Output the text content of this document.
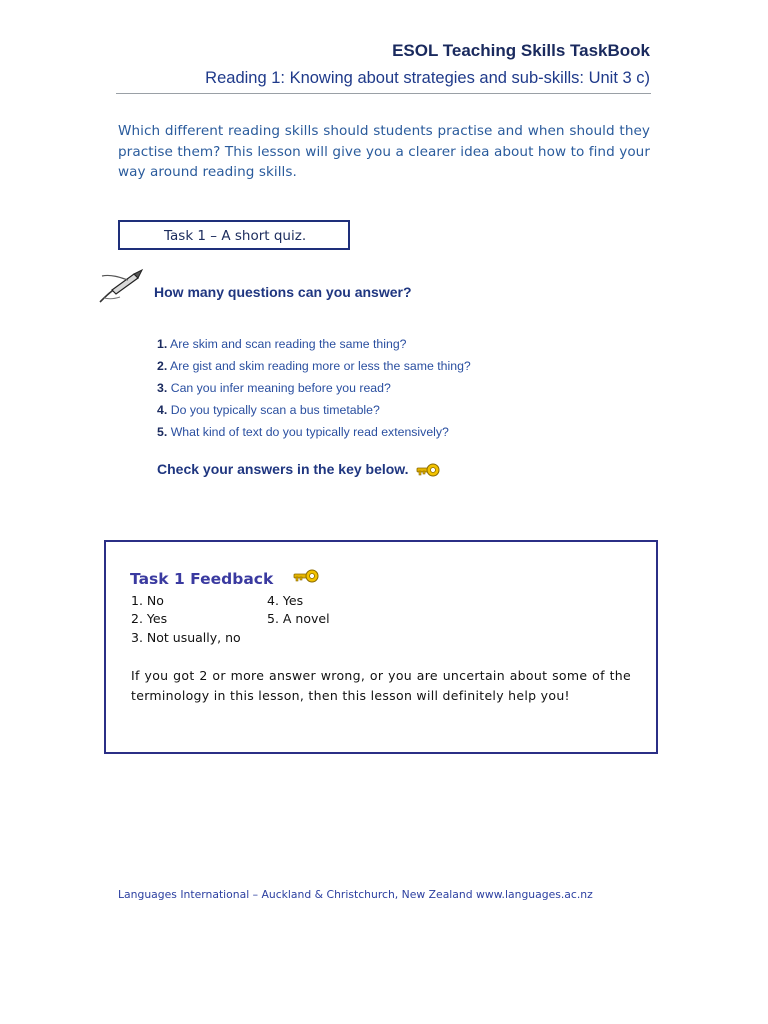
ESOL Teaching Skills TaskBook
Reading 1: Knowing about strategies and sub-skills: Unit 3 c)
Which different reading skills should students practise and when should they practise them? This lesson will give you a clearer idea about how to find your way around reading skills.
Task 1 – A short quiz.
How many questions can you answer?
1. Are skim and scan reading the same thing?
2. Are gist and skim reading more or less the same thing?
3. Can you infer meaning before you read?
4. Do you typically scan a bus timetable?
5. What kind of text do you typically read extensively?
Check your answers in the key below.
Task 1 Feedback
1. No
2. Yes
3. Not usually, no
4. Yes
5. A novel
If you got 2 or more answer wrong, or you are uncertain about some of the terminology in this lesson, then this lesson will definitely help you!
Languages International – Auckland & Christchurch, New Zealand www.languages.ac.nz
